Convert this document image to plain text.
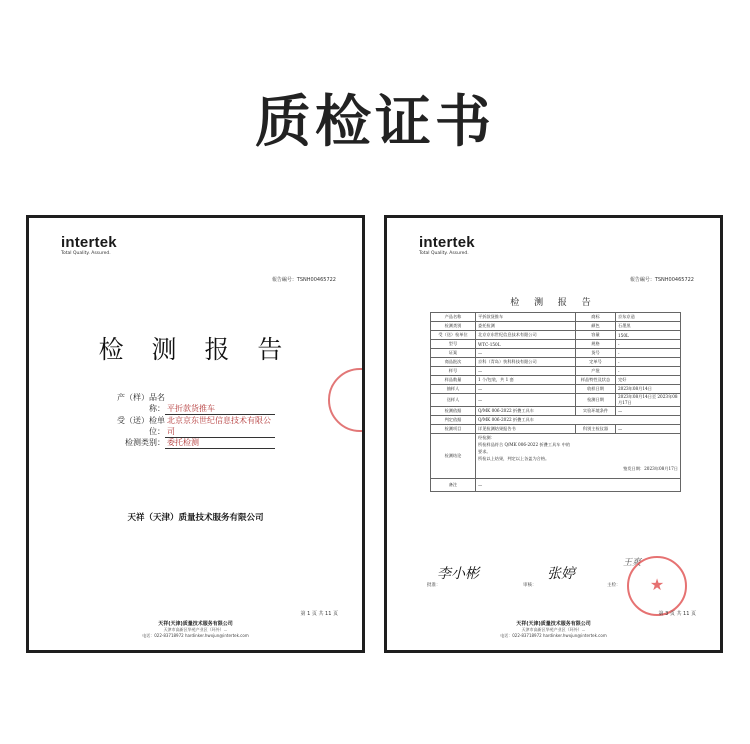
质检证书
intertek
Total Quality. Assured.
報告編号：TSNH00465722
检 测 报 告
产（样）品名称： 平折款货推车
受（送）检单位：北京京东世纪信息技术有限公司
检测类别： 委托检测
天祥（天津）质量技术服务有限公司
第 1 页 共 11 页
天祥(天津)质量技术服务有限公司
天津市高新区华苑产业区（环外）...
电话：022-83718972 hardinker.hwxjun@intertek.com
intertek
Total Quality. Assured.
報告編号：TSNH00465722
检 测 报 告
产品名称	平折款货推车	商标	京东京造
检测类别	委托检测	颜色	石墨黑
受（送）检单位	北京京东世纪信息技术有限公司	容量	150L
型号	WTC-150L	规格	-
证案	—	货号	-
商品批次	京科（青岛）快科科技有限公司	定单号	-
样号	—	产批	-
样品数量	1 个/包装，共 1 套	样品特性及状态	完好
抽样人	—	收样日期	2023年08月14日
送样人	—	检测日期	2023年08月14日至 2023年08月17日
检测依据	Q/MK 006-2022 折叠工具车	实验环境条件	—
判定依据	Q/MK 006-2022 折叠工具车		
检测项目	详见检测结果报告书	科别主检仪器	—
检测结论	经检测：
所检样品符合 Q/MK 006-2022 折叠工具车 中的
要求。
所检以上结果，判定以上各盖为合格。
签发日期：2023年08月17日		

备注	—		
李小彬	张婷
王爽
批准：	审核：	主检：	★
第 3 页 共 11 页
天祥(天津)质量技术服务有限公司
天津市高新区华苑产业区（环外）...
电话：022-83718972 hardinker.hwxjun@intertek.com
